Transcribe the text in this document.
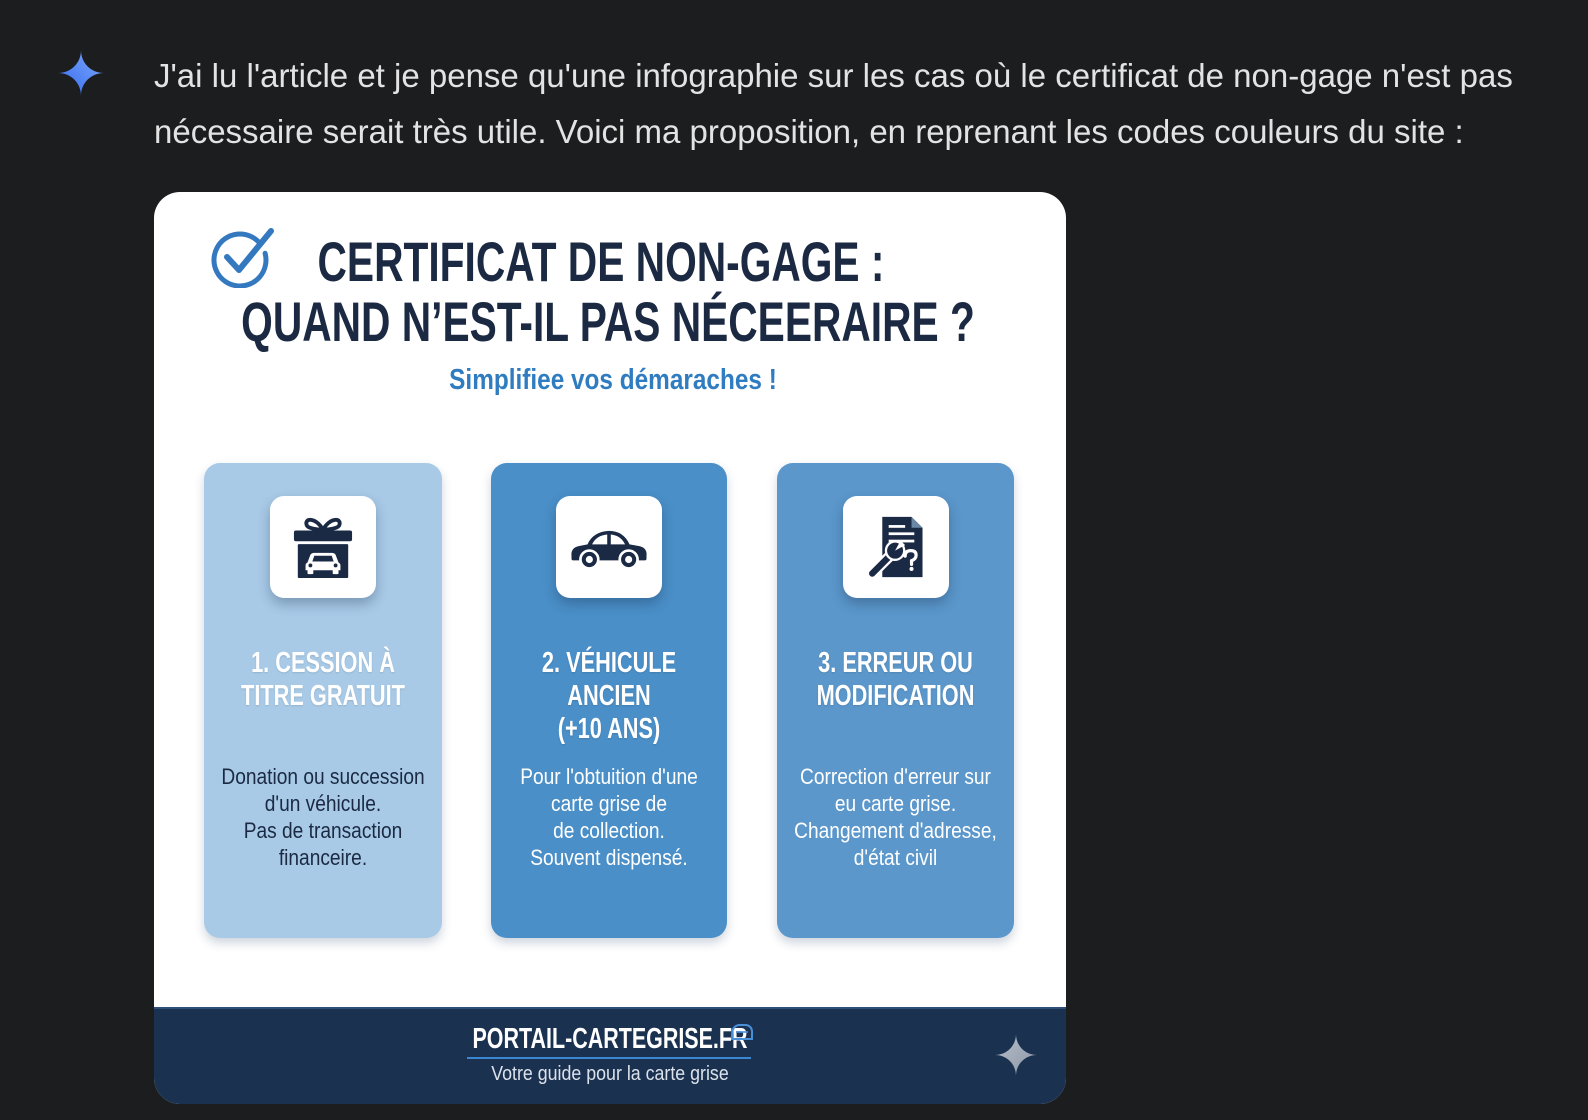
J'ai lu l'article et je pense qu'une infographie sur les cas où le certificat de non-gage n'est pas
nécessaire serait très utile. Voici ma proposition, en reprenant les codes couleurs du site :
CERTIFICAT DE NON-GAGE :
QUAND N’EST-IL PAS NÉCEERAIRE ?
Simplifiee vos démaraches !
1. CESSION À
TITRE GRATUIT
Donation ou succession
d'un véhicule.
Pas de transaction
financeire.
2. VÉHICULE
ANCIEN
(+10 ANS)
Pour l'obtuition d'une
carte grise de
de collection.
Souvent dispensé.
3. ERREUR OU
MODIFICATION
Correction d'erreur sur
eu carte grise.
Changement d'adresse,
d'état civil
PORTAIL-CARTEGRISE.FR
Votre guide pour la carte grise
